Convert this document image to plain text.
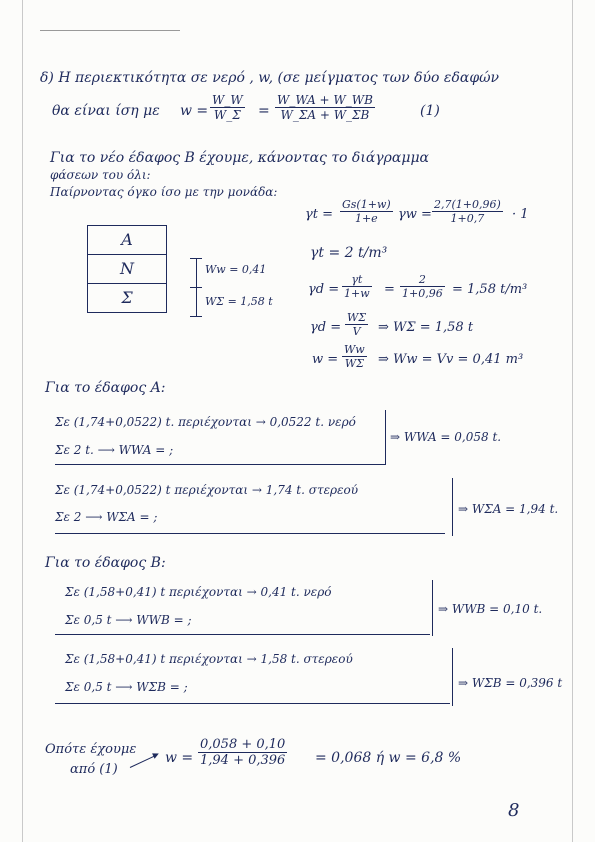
δ) Η περιεκτικότητα σε νερό , w, (σε μείγματος των δύο εδαφών
θα είναι ίση με $w = \frac{W\_W}{W\_\Sigma} = \frac{W\_WA + W\_WB}{W\_\Sigma A + W\_\Sigma B}$	(1)
Για το νέο έδαφος Β έχουμε, κάνοντας το διάγραμμα
φάσεων του όλι:
Παίρνοντας όγκο ίσο με την μονάδα:
A
N
Σ
Ww = 0,41
WΣ = 1,58 t
$\gamma t = \frac{Gs(1+w)}{1+e}$ $\gamma w = \frac{2,7(1+0,96)}{1+0,7} \cdot 1$
γt = 2 t/m³
$\gamma d = \frac{\gamma t}{1+w} = \frac{2}{1+0,96} = 1,58$ t/m³
$\gamma d = \frac{W\Sigma}{V}$ ⇒ WΣ = 1,58 t
$w = \frac{Ww}{W\Sigma}$ ⇒ Ww = Vv = 0,41 m³
Για το έδαφος Α:
Σε (1,74+0,0522) t. περιέχονται → 0,0522 t. νερό
Σε 2 t. ⟶ WWA = ;
⇒ WWA = 0,058 t.
Σε (1,74+0,0522) t περιέχονται → 1,74 t. στερεού
Σε 2 ⟶ WΣA = ;
⇒ WΣA = 1,94 t.
Για το έδαφος Β:
Σε (1,58+0,41) t περιέχονται → 0,41 t. νερό
Σε 0,5 t ⟶ WWB = ;
⇒ WWB = 0,10 t.
Σε (1,58+0,41) t περιέχονται → 1,58 t. στερεού
Σε 0,5 t ⟶ WΣB = ;	⇒ WΣB = 0,396 t
Οπότε έχουμε
από (1)
$w = \frac{0,058 + 0,10}{1,94 + 0,396} = 0,068$ ή w = 6,8 %
8
